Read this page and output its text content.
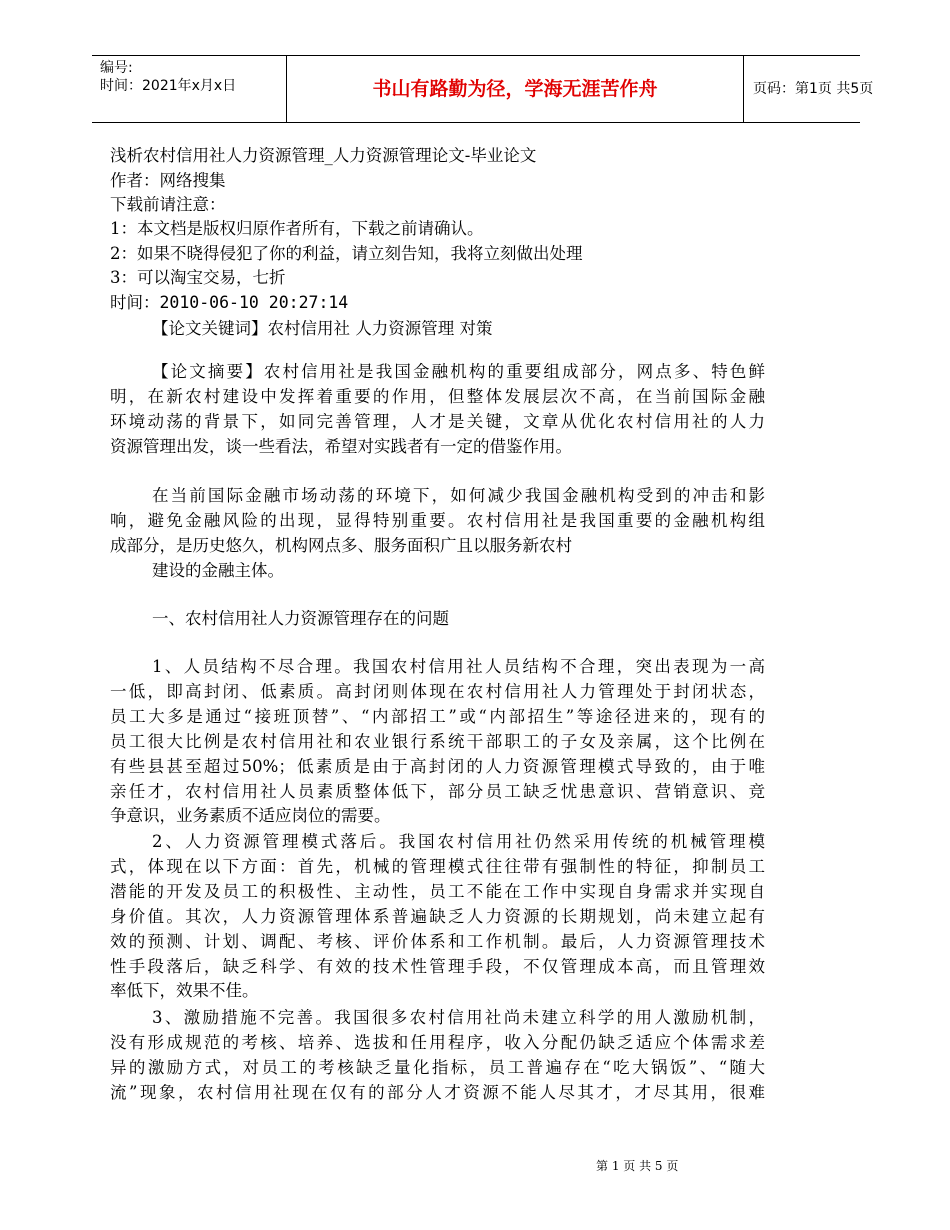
编号:
时间：2021年x月x日	书山有路勤为径，学海无涯苦作舟	页码：第1页 共5页
浅析农村信用社人力资源管理_人力资源管理论文-毕业论文
作者：网络搜集
下载前请注意：
1：本文档是版权归原作者所有，下载之前请确认。
2：如果不晓得侵犯了你的利益，请立刻告知，我将立刻做出处理
3：可以淘宝交易，七折
时间：2010-06-10 20:27:14
【论文关键词】农村信用社 人力资源管理 对策
【论文摘要】农村信用社是我国金融机构的重要组成部分，网点多、特色鲜
明，在新农村建设中发挥着重要的作用，但整体发展层次不高，在当前国际金融
环境动荡的背景下，如同完善管理，人才是关键，文章从优化农村信用社的人力
资源管理出发，谈一些看法，希望对实践者有一定的借鉴作用。
在当前国际金融市场动荡的环境下，如何减少我国金融机构受到的冲击和影
响，避免金融风险的出现，显得特别重要。农村信用社是我国重要的金融机构组
成部分，是历史悠久，机构网点多、服务面积广且以服务新农村
建设的金融主体。
一、农村信用社人力资源管理存在的问题
1、人员结构不尽合理。我国农村信用社人员结构不合理，突出表现为一高
一低，即高封闭、低素质。高封闭则体现在农村信用社人力管理处于封闭状态，
员工大多是通过“接班顶替”、“内部招工”或“内部招生”等途径进来的，现有的
员工很大比例是农村信用社和农业银行系统干部职工的子女及亲属，这个比例在
有些县甚至超过50%；低素质是由于高封闭的人力资源管理模式导致的，由于唯
亲任才，农村信用社人员素质整体低下，部分员工缺乏忧患意识、营销意识、竞
争意识，业务素质不适应岗位的需要。
2、人力资源管理模式落后。我国农村信用社仍然采用传统的机械管理模
式，体现在以下方面：首先，机械的管理模式往往带有强制性的特征，抑制员工
潜能的开发及员工的积极性、主动性，员工不能在工作中实现自身需求并实现自
身价值。其次，人力资源管理体系普遍缺乏人力资源的长期规划，尚未建立起有
效的预测、计划、调配、考核、评价体系和工作机制。最后，人力资源管理技术
性手段落后，缺乏科学、有效的技术性管理手段，不仅管理成本高，而且管理效
率低下，效果不佳。
3、激励措施不完善。我国很多农村信用社尚未建立科学的用人激励机制，
没有形成规范的考核、培养、选拔和任用程序，收入分配仍缺乏适应个体需求差
异的激励方式，对员工的考核缺乏量化指标，员工普遍存在“吃大锅饭”、“随大
流”现象，农村信用社现在仅有的部分人才资源不能人尽其才，才尽其用，很难
第 1 页 共 5 页
